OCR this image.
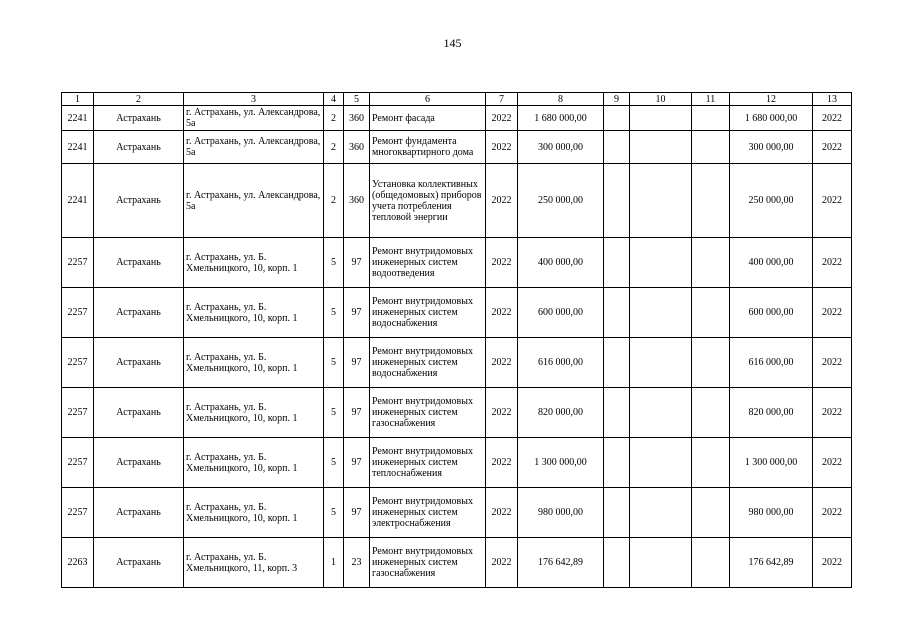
145
1	2	3	4	5	6	7	8	9	10	11	12	13
2241	Астрахань	г. Астрахань, ул. Александрова, 5а	2	360	Ремонт фасада	2022	1 680 000,00				1 680 000,00	2022
2241	Астрахань	г. Астрахань, ул. Александрова, 5а	2	360	Ремонт фундамента многоквартирного дома	2022	300 000,00				300 000,00	2022
2241	Астрахань	г. Астрахань, ул. Александрова, 5а	2	360	Установка коллективных (общедомовых) приборов учета потребления тепловой энергии	2022	250 000,00				250 000,00	2022
2257	Астрахань	г. Астрахань, ул. Б. Хмельницкого, 10, корп. 1	5	97	Ремонт внутридомовых инженерных систем водоотведения	2022	400 000,00				400 000,00	2022
2257	Астрахань	г. Астрахань, ул. Б. Хмельницкого, 10, корп. 1	5	97	Ремонт внутридомовых инженерных систем водоснабжения	2022	600 000,00				600 000,00	2022
2257	Астрахань	г. Астрахань, ул. Б. Хмельницкого, 10, корп. 1	5	97	Ремонт внутридомовых инженерных систем водоснабжения	2022	616 000,00				616 000,00	2022
2257	Астрахань	г. Астрахань, ул. Б. Хмельницкого, 10, корп. 1	5	97	Ремонт внутридомовых инженерных систем газоснабжения	2022	820 000,00				820 000,00	2022
2257	Астрахань	г. Астрахань, ул. Б. Хмельницкого, 10, корп. 1	5	97	Ремонт внутридомовых инженерных систем теплоснабжения	2022	1 300 000,00				1 300 000,00	2022
2257	Астрахань	г. Астрахань, ул. Б. Хмельницкого, 10, корп. 1	5	97	Ремонт внутридомовых инженерных систем электроснабжения	2022	980 000,00				980 000,00	2022
2263	Астрахань	г. Астрахань, ул. Б. Хмельницкого, 11, корп. 3	1	23	Ремонт внутридомовых инженерных систем газоснабжения	2022	176 642,89				176 642,89	2022
